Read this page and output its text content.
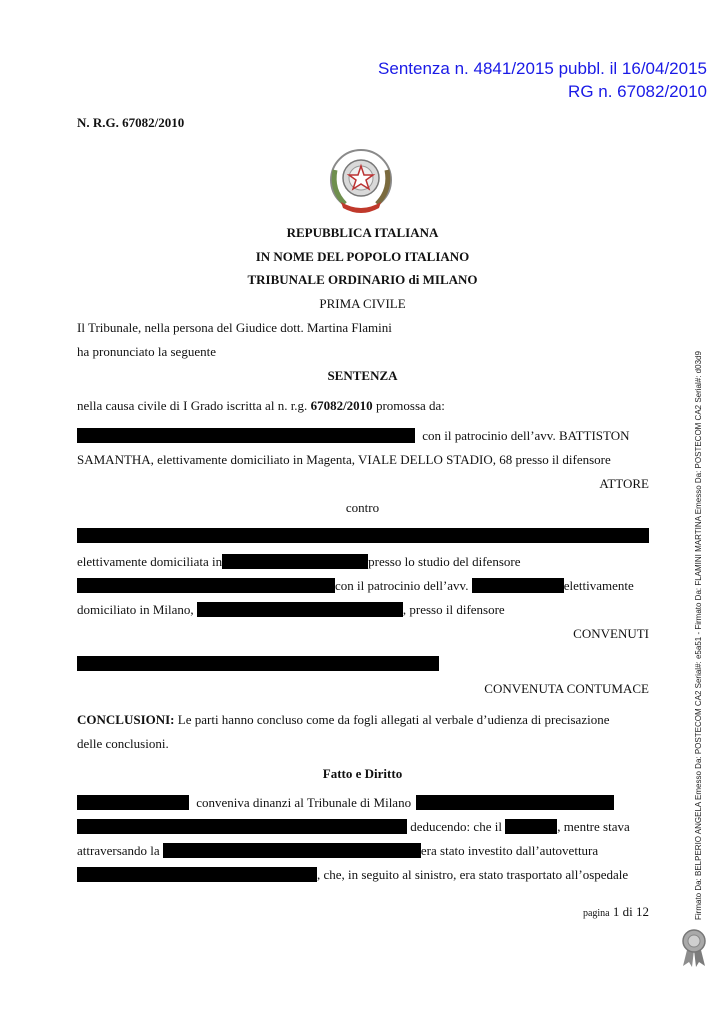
Sentenza n. 4841/2015 pubbl. il 16/04/2015
RG n. 67082/2010
N. R.G. 67082/2010
REPUBBLICA ITALIANA
IN NOME DEL POPOLO ITALIANO
TRIBUNALE ORDINARIO di MILANO
PRIMA CIVILE
Il Tribunale, nella persona del Giudice dott. Martina Flamini
ha pronunciato la seguente
SENTENZA
nella causa civile di I Grado iscritta al n. r.g. 67082/2010 promossa da:
con il patrocinio dell’avv. BATTISTON
SAMANTHA, elettivamente domiciliato in Magenta, VIALE DELLO STADIO, 68 presso il difensore
ATTORE
contro
elettivamente domiciliata in	presso lo studio del difensore
con il patrocinio dell’avv.	elettivamente
domiciliato in Milano,	, presso il difensore
CONVENUTI
CONVENUTA CONTUMACE
CONCLUSIONI: Le parti hanno concluso come da fogli allegati al verbale d’udienza di precisazione
delle conclusioni.
Fatto e Diritto
conveniva dinanzi al Tribunale di Milano
deducendo: che il	, mentre stava
attraversando la	era stato investito dall’autovettura
, che, in seguito al sinistro, era stato trasportato all’ospedale
pagina 1 di 12	Firmato Da: BELPERIO ANGELA Emesso Da: POSTECOM CA2 Serial#: e5a51 - Firmato Da: FLAMINI MARTINA Emesso Da: POSTECOM CA2 Serial#: d03d9
